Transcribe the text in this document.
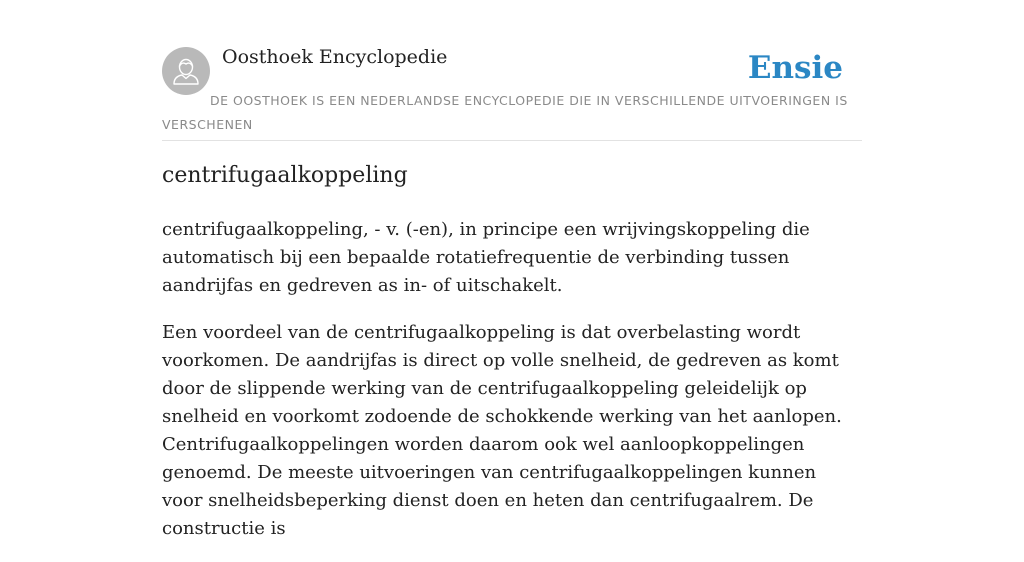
Oosthoek Encyclopedie	Ensie
DE OOSTHOEK IS EEN NEDERLANDSE ENCYCLOPEDIE DIE IN VERSCHILLENDE UITVOERINGEN IS VERSCHENEN
centrifugaalkoppeling

centrifugaalkoppeling, - v. (-en), in principe een wrijvingskoppeling die automatisch bij een bepaalde rotatiefrequentie de verbinding tussen aandrijfas en gedreven as in- of uitschakelt.

Een voordeel van de centrifugaalkoppeling is dat overbelasting wordt voorkomen. De aandrijfas is direct op volle snelheid, de gedreven as komt door de slippende werking van de centrifugaalkoppeling geleidelijk op snelheid en voorkomt zodoende de schokkende werking van het aanlopen. Centrifugaalkoppelingen worden daarom ook wel aanloopkoppelingen genoemd. De meeste uitvoeringen van centrifugaalkoppelingen kunnen voor snelheidsbeperking dienst doen en heten dan centrifugaalrem. De constructie is
